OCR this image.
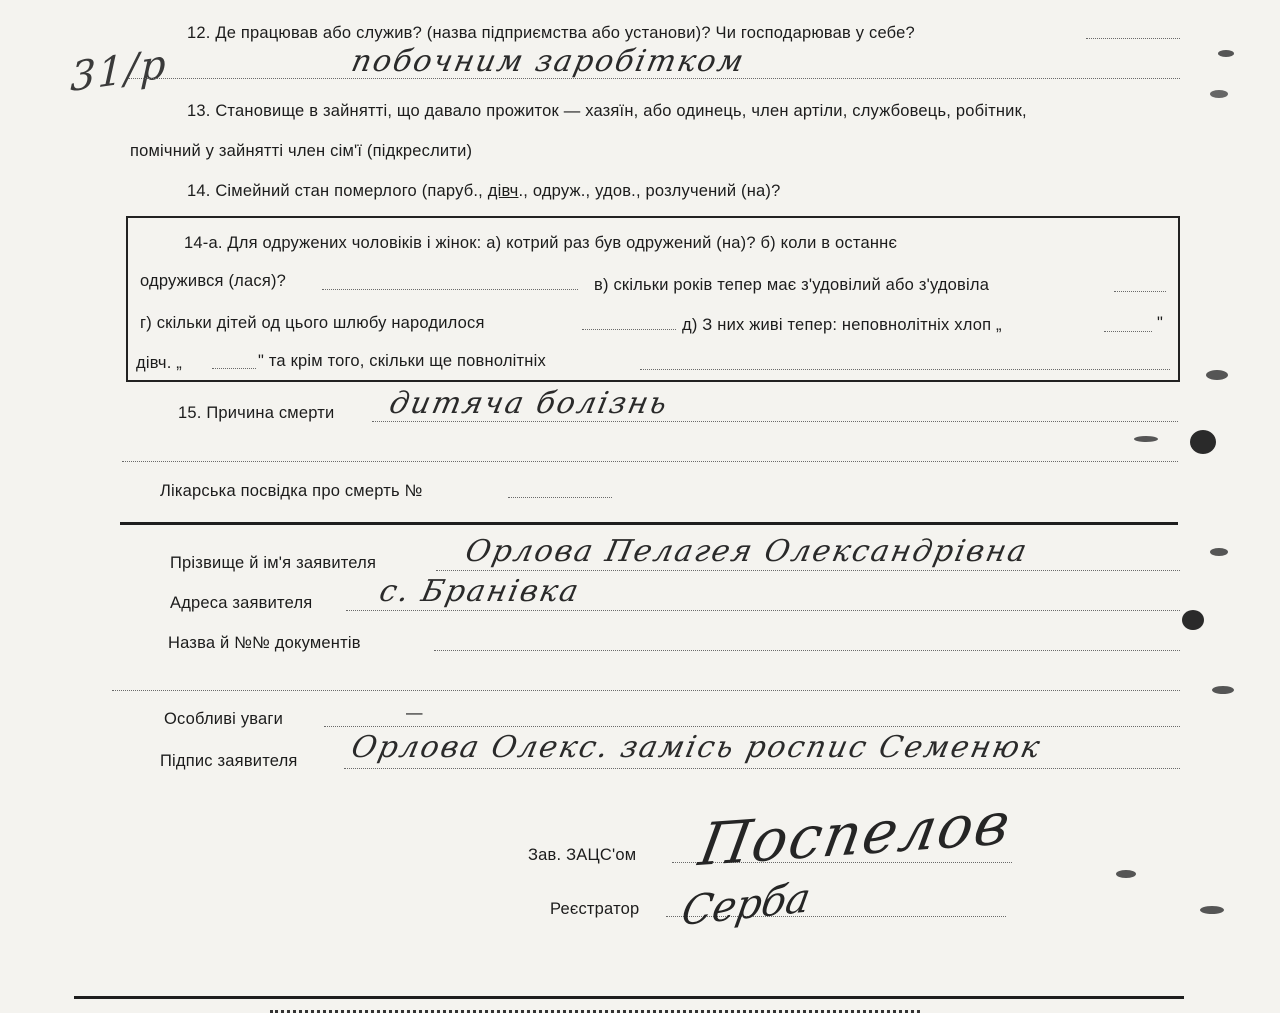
31/р
12. Де працював або служив? (назва підприємства або установи)? Чи господарював у себе?
побочним заробітком
13. Становище в зайнятті, що давало прожиток — хазяїн, або одинець, член артіли, службовець, робітник,
помічний у зайнятті член сім'ї (підкреслити)
14. Сімейний стан померлого (паруб., дівч., одруж., удов., розлучений (на)?
14-а. Для одружених чоловіків і жінок: а) котрий раз був одружений (на)? б) коли в останнє
одружився (лася)?	в) скільки років тепер має з'удовілий або з'удовіла
г) скільки дітей од цього шлюбу народилося	д) З них живі тепер: неповнолітніх хлоп „	"
дівч. „	" та крім того, скільки ще повнолітніх
15. Причина смерти дитяча болізнь
Лікарська посвідка про смерть №
Прізвище й ім'я заявителя	Орлова Пелагея Олександрівна
Адреса заявителя с. Бранівка
Назва й №№ документів
Особливі уваги	—
Підпис заявителя Орлова Олекс. замісь роспис Семенюк
Зав. ЗАЦС'ом Поспелов
Реєстратор Серба
